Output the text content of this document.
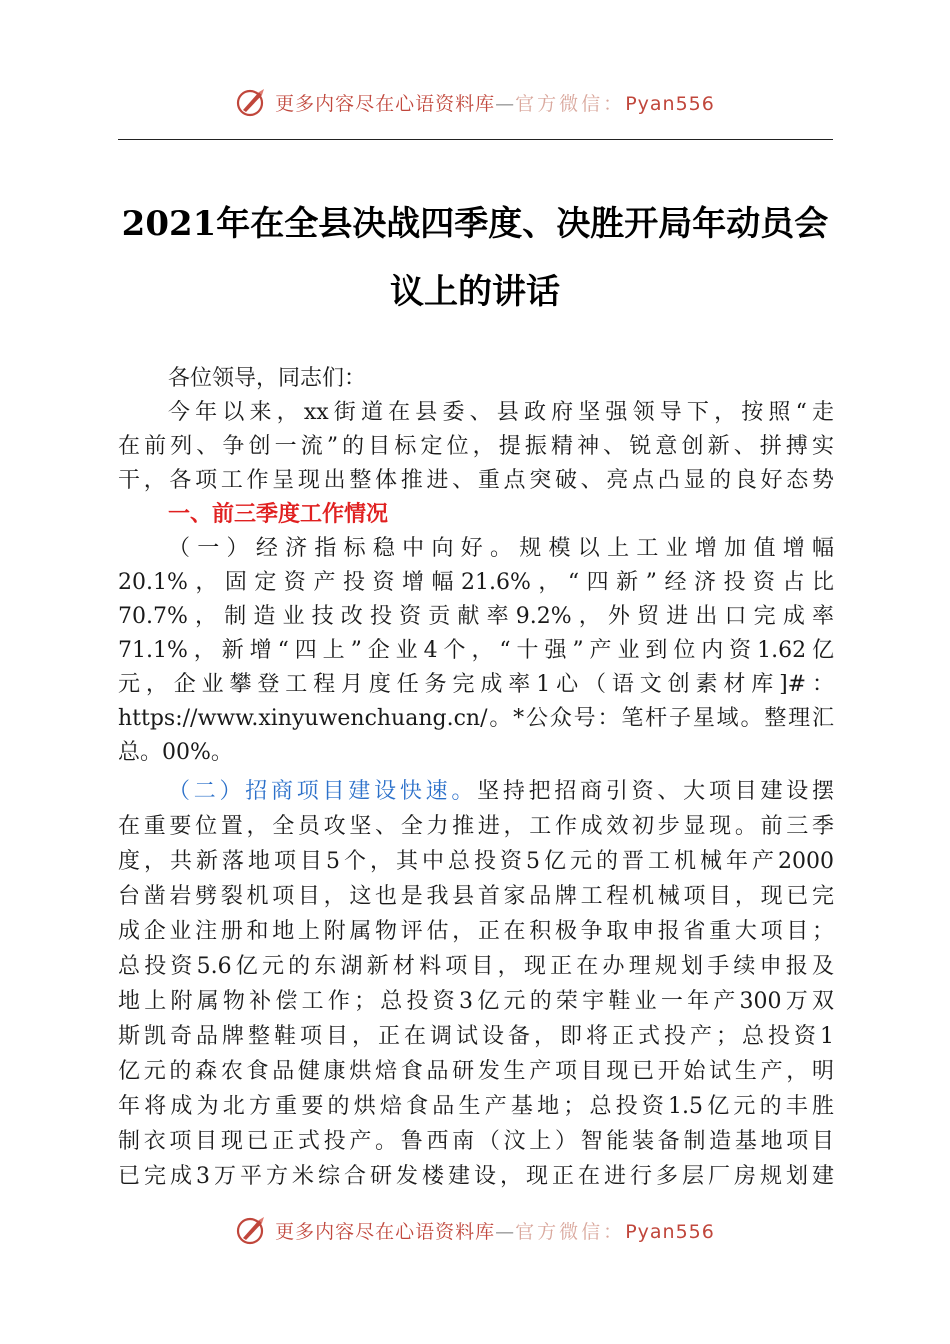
更多内容尽在心语资料库—官方微信：Pyan556
2021年在全县决战四季度、决胜开局年动员会
议上的讲话
各位领导，同志们：
今年以来，xx街道在县委、县政府坚强领导下，按照“走
在前列、争创一流”的目标定位，提振精神、锐意创新、拼搏实
干，各项工作呈现出整体推进、重点突破、亮点凸显的良好态势
一、前三季度工作情况
（一）经济指标稳中向好。规模以上工业增加值增幅
20.1%，固定资产投资增幅21.6%，“四新”经济投资占比
70.7%，制造业技改投资贡献率9.2%，外贸进出口完成率
71.1%，新增“四上”企业4个，“十强”产业到位内资1.62亿
元，企业攀登工程月度任务完成率1心（语文创素材库]#：
https://www.xinyuwenchuang.cn/。*公众号：笔杆子星域。整理汇
总。00%。
（二）招商项目建设快速。坚持把招商引资、大项目建设摆
在重要位置，全员攻坚、全力推进，工作成效初步显现。前三季
度，共新落地项目5个，其中总投资5亿元的晋工机械年产2000
台凿岩劈裂机项目，这也是我县首家品牌工程机械项目，现已完
成企业注册和地上附属物评估，正在积极争取申报省重大项目；
总投资5.6亿元的东湖新材料项目，现正在办理规划手续申报及
地上附属物补偿工作；总投资3亿元的荣宇鞋业一年产300万双
斯凯奇品牌整鞋项目，正在调试设备，即将正式投产；总投资1
亿元的森农食品健康烘焙食品研发生产项目现已开始试生产，明
年将成为北方重要的烘焙食品生产基地；总投资1.5亿元的丰胜
制衣项目现已正式投产。鲁西南（汶上）智能装备制造基地项目
已完成3万平方米综合研发楼建设，现正在进行多层厂房规划建
更多内容尽在心语资料库—官方微信：Pyan556
